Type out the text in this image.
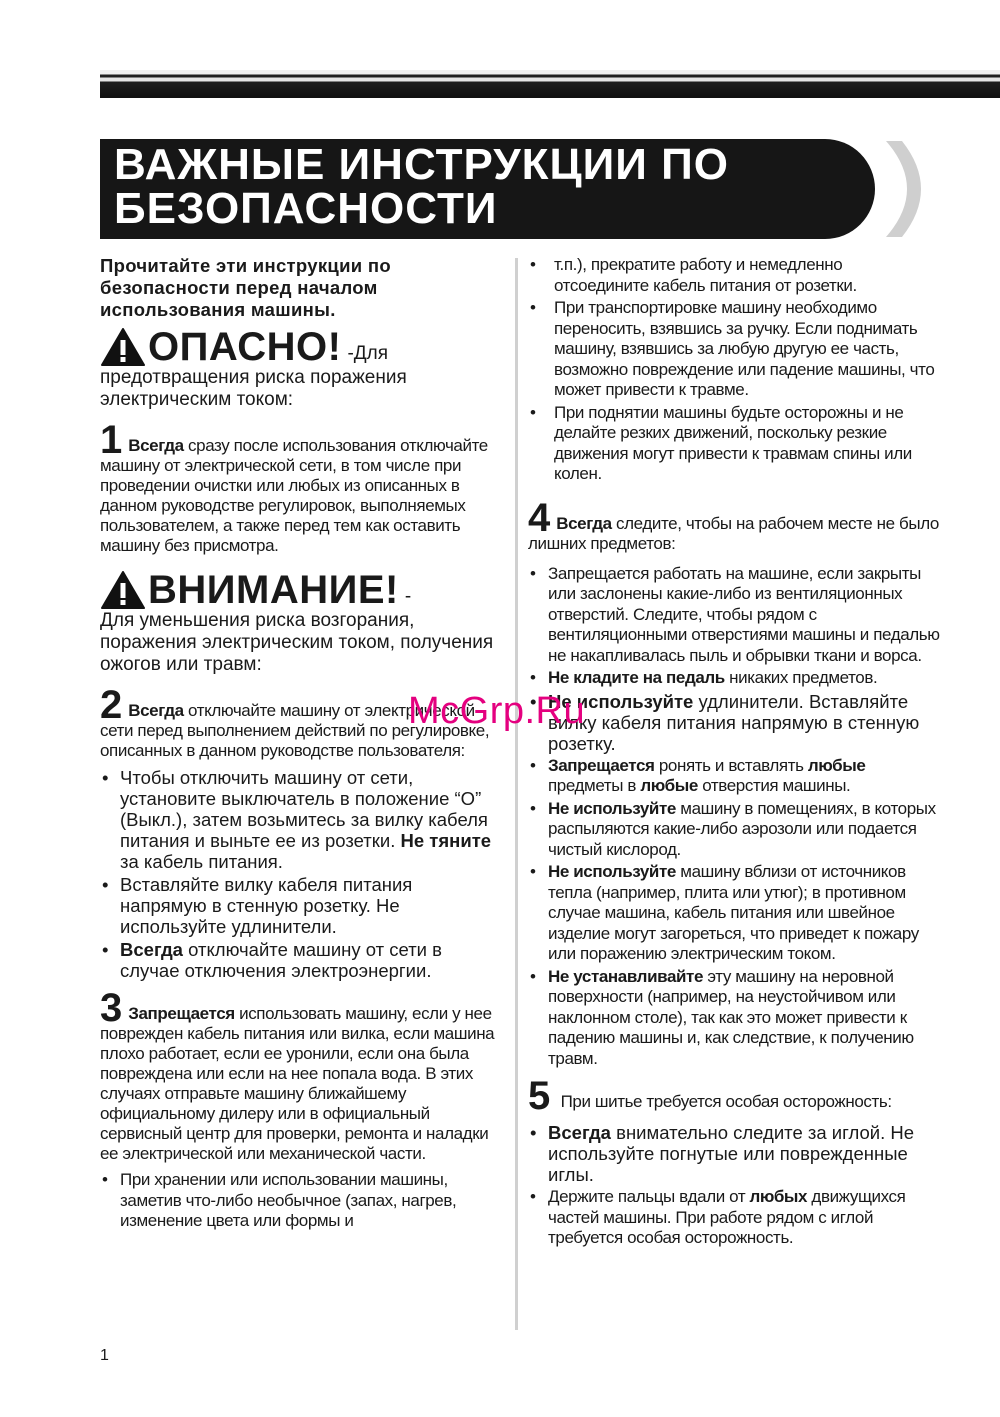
ВАЖНЫЕ ИНСТРУКЦИИ ПО
БЕЗОПАСНОСТИ

Прочитайте эти инструкции по безопасности перед началом использования машины.

ОПАСНО! -Для

предотвращения риска поражения электрическим током:

1 Всегда сразу после использования отключайте машину от электрической сети, в том числе при проведении очистки или любых из описанных в данном руководстве регулировок, выполняемых пользователем, а также перед тем как оставить машину без присмотра.

ВНИМАНИЕ! -

Для уменьшения риска возгорания, поражения электрическим током, получения ожогов или травм:

2 Всегда отключайте машину от электрической сети перед выполнением действий по регулировке, описанных в данном руководстве пользователя:

• Чтобы отключить машину от сети, установите выключатель в положение “O” (Выкл.), затем возьмитесь за вилку кабеля питания и выньте ее из розетки. Не тяните за кабель питания.
• Вставляйте вилку кабеля питания напрямую в стенную розетку. Не используйте удлинители.
• Всегда отключайте машину от сети в случае отключения электроэнергии.

3 Запрещается использовать машину, если у нее поврежден кабель питания или вилка, если машина плохо работает, если ее уронили, если она была повреждена или если на нее попала вода. В этих случаях отправьте машину ближайшему официальному дилеру или в официальный сервисный центр для проверки, ремонта и наладки ее электрической или механической части.

• При хранении или использовании машины, заметив что-либо необычное (запах, нагрев, изменение цвета или формы и
• т.п.), прекратите работу и немедленно отсоедините кабель питания от розетки.
• При транспортировке машину необходимо переносить, взявшись за ручку. Если поднимать машину, взявшись за любую другую ее часть, возможно повреждение или падение машины, что может привести к травме.
• При поднятии машины будьте осторожны и не делайте резких движений, поскольку резкие движения могут привести к травмам спины или колен.

4 Всегда следите, чтобы на рабочем месте не было лишних предметов:

• Запрещается работать на машине, если закрыты или заслонены какие-либо из вентиляционных отверстий. Следите, чтобы рядом с вентиляционными отверстиями машины и педалью не накапливалась пыль и обрывки ткани и ворса.
• Не кладите на педаль никаких предметов.
• Не используйте удлинители. Вставляйте вилку кабеля питания напрямую в стенную розетку.
• Запрещается ронять и вставлять любые предметы в любые отверстия машины.
• Не используйте машину в помещениях, в которых распыляются какие-либо аэрозоли или подается чистый кислород.
• Не используйте машину вблизи от источников тепла (например, плита или утюг); в противном случае машина, кабель питания или швейное изделие могут загореться, что приведет к пожару или поражению электрическим током.
• Не устанавливайте эту машину на неровной поверхности (например, на неустойчивом или наклонном столе), так как это может привести к падению машины и, как следствие, к получению травм.

5 При шитье требуется особая осторожность:

• Всегда внимательно следите за иглой. Не используйте погнутые или поврежденные иглы.
• Держите пальцы вдали от любых движущихся частей машины. При работе рядом с иглой требуется особая осторожность.
McGrp.Ru
1
